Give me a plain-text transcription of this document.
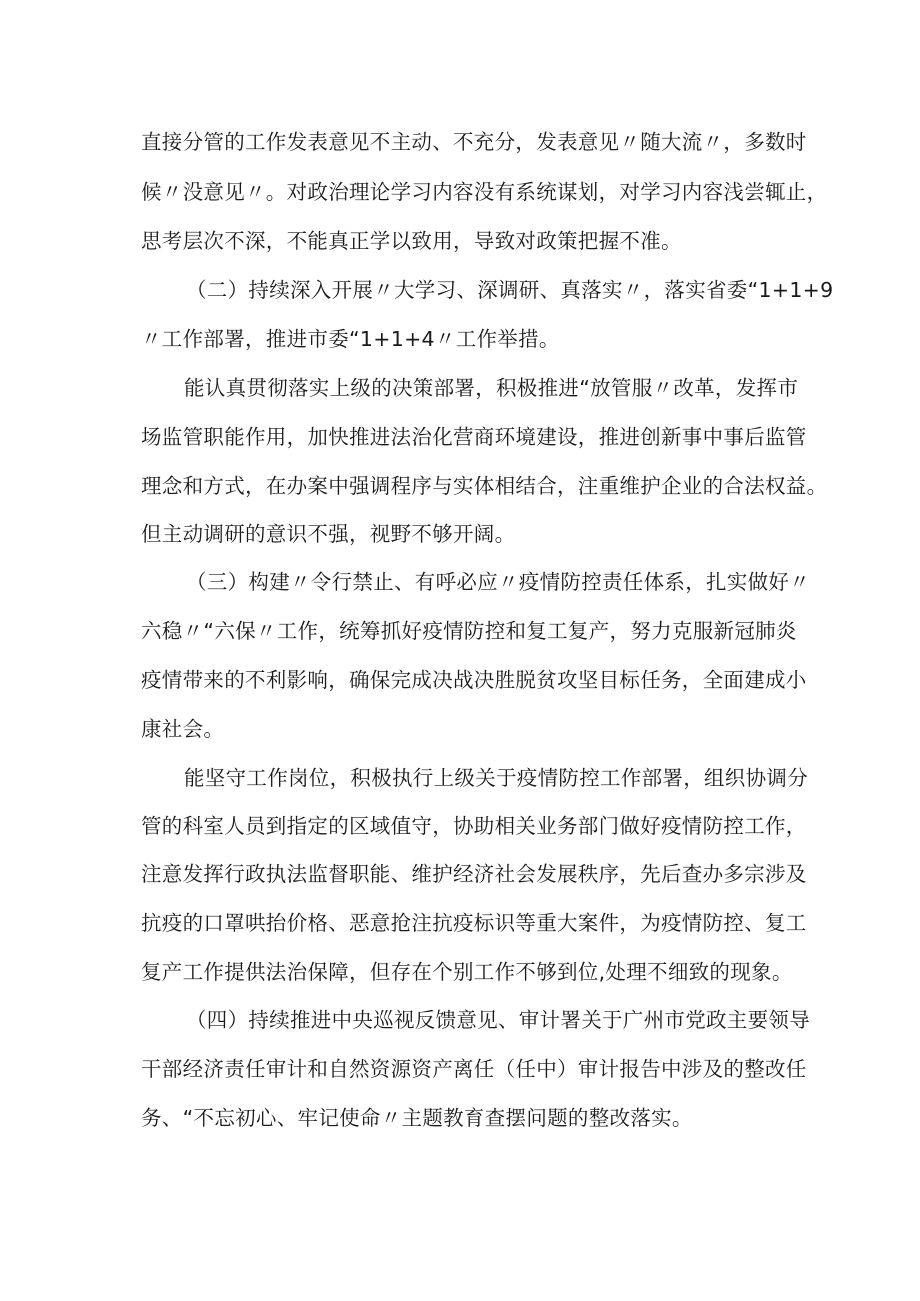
直接分管的工作发表意见不主动、不充分，发表意见〃随大流〃，多数时
候〃没意见〃。对政治理论学习内容没有系统谋划，对学习内容浅尝辄止，
思考层次不深，不能真正学以致用，导致对政策把握不准。
（二）持续深入开展〃大学习、深调研、真落实〃，落实省委“1+1+9
〃工作部署，推进市委“1+1+4〃工作举措。
能认真贯彻落实上级的决策部署，积极推进“放管服〃改革，发挥市
场监管职能作用，加快推进法治化营商环境建设，推进创新事中事后监管
理念和方式，在办案中强调程序与实体相结合，注重维护企业的合法权益。
但主动调研的意识不强，视野不够开阔。
（三）构建〃令行禁止、有呼必应〃疫情防控责任体系，扎实做好〃
六稳〃“六保〃工作，统筹抓好疫情防控和复工复产，努力克服新冠肺炎
疫情带来的不利影响，确保完成决战决胜脱贫攻坚目标任务，全面建成小
康社会。
能坚守工作岗位，积极执行上级关于疫情防控工作部署，组织协调分
管的科室人员到指定的区域值守，协助相关业务部门做好疫情防控工作，
注意发挥行政执法监督职能、维护经济社会发展秩序，先后查办多宗涉及
抗疫的口罩哄抬价格、恶意抢注抗疫标识等重大案件，为疫情防控、复工
复产工作提供法治保障，但存在个别工作不够到位,处理不细致的现象。
（四）持续推进中央巡视反馈意见、审计署关于广州市党政主要领导
干部经济责任审计和自然资源资产离任（任中）审计报告中涉及的整改任
务、“不忘初心、牢记使命〃主题教育查摆问题的整改落实。
